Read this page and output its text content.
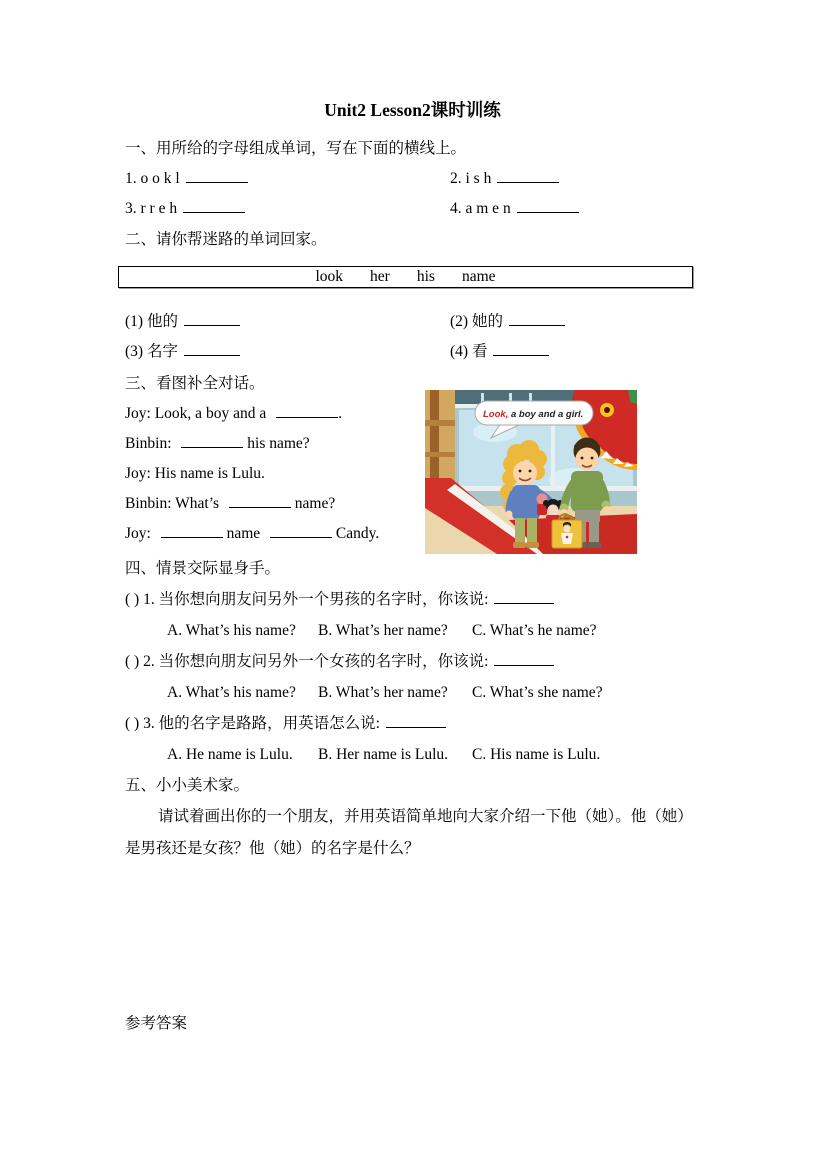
Unit2 Lesson2课时训练
一、用所给的字母组成单词，写在下面的横线上。
1. o o k l	2. i s h
3. r r e h	4. a m e n
二、请你帮迷路的单词回家。
look her his name
(1) 他的	(2) 她的
(3) 名字	(4) 看
三、看图补全对话。
Joy: Look, a boy and a	.
Binbin:	his name?
Joy: His name is Lulu.
Binbin: What’s	name?
Joy:	name	Candy.
Look, a boy and a girl.
四、情景交际显身手。
( ) 1. 当你想向朋友问另外一个男孩的名字时，你该说:
A. What’s his name? B. What’s her name? C. What’s he name?
( ) 2. 当你想向朋友问另外一个女孩的名字时，你该说:
A. What’s his name? B. What’s her name? C. What’s she name?
( ) 3. 他的名字是路路，用英语怎么说:
A. He name is Lulu. B. Her name is Lulu. C. His name is Lulu.
五、小小美术家。

请试着画出你的一个朋友，并用英语简单地向大家介绍一下他（她）。他（她）是男孩还是女孩？他（她）的名字是什么？

参考答案
